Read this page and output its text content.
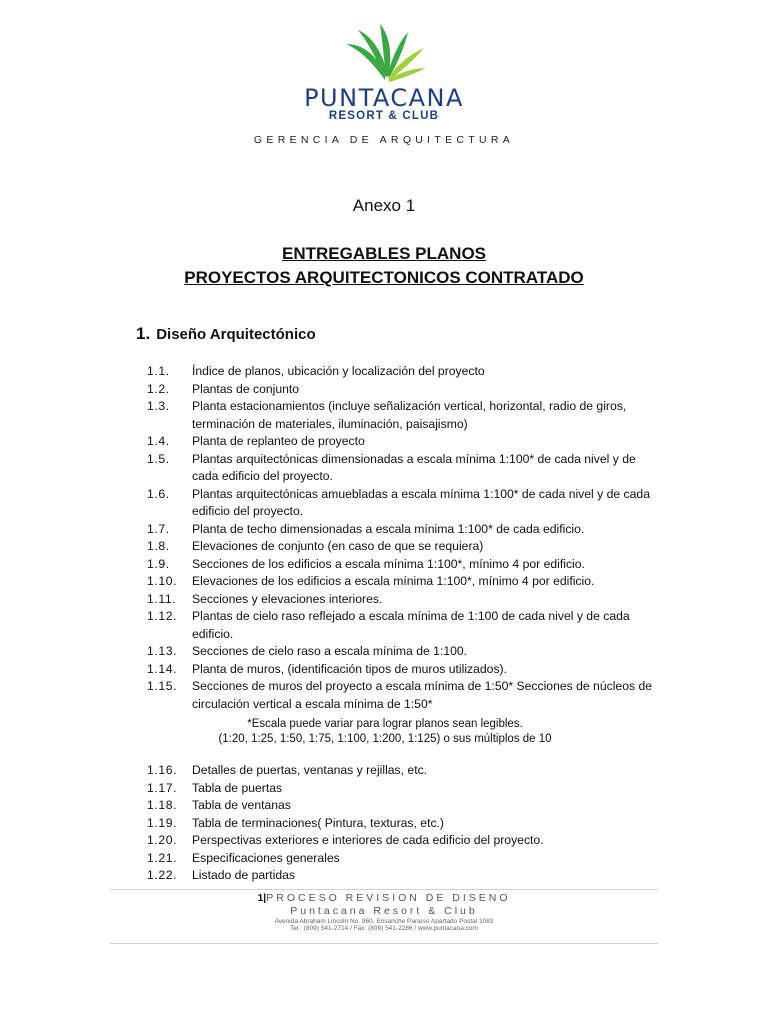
PUNTACANA
RESORT & CLUB
GERENCIA DE ARQUITECTURA
Anexo 1
ENTREGABLES PLANOS
PROYECTOS ARQUITECTONICOS CONTRATADO
1. Diseño Arquitectónico
1.1.	Índice de planos, ubicación y localización del proyecto
1.2.	Plantas de conjunto
1.3.	Planta estacionamientos (incluye señalización vertical, horizontal, radio de giros, terminación de materiales, iluminación, paisajismo)
1.4.	Planta de replanteo de proyecto
1.5.	Plantas arquitectónicas dimensionadas a escala mínima 1:100* de cada nivel y de cada edificio del proyecto.
1.6.	Plantas arquitectónicas amuebladas a escala mínima 1:100* de cada nivel y de cada edificio del proyecto.
1.7.	Planta de techo dimensionadas a escala mínima 1:100* de cada edificio.
1.8.	Elevaciones de conjunto (en caso de que se requiera)
1.9.	Secciones de los edificios a escala mínima 1:100*, mínimo 4 por edificio.
1.10.	Elevaciones de los edificios a escala mínima 1:100*, mínimo 4 por edificio.
1.11.	Secciones y elevaciones interiores.
1.12.	Plantas de cielo raso reflejado a escala mínima de 1:100 de cada nivel y de cada edificio.
1.13.	Secciones de cielo raso a escala mínima de 1:100.
1.14.	Planta de muros, (identificación tipos de muros utilizados).
1.15.	Secciones de muros del proyecto a escala mínima de 1:50* Secciones de núcleos de circulación vertical a escala mínima de 1:50*
*Escala puede variar para lograr planos sean legibles.
(1:20, 1:25, 1:50, 1:75, 1:100, 1:200, 1:125) o sus múltiplos de 10
1.16.	Detalles de puertas, ventanas y rejillas, etc.
1.17.	Tabla de puertas
1.18.	Tabla de ventanas
1.19.	Tabla de terminaciones( Pintura, texturas, etc.)
1.20.	Perspectivas exteriores e interiores de cada edificio del proyecto.
1.21.	Especificaciones generales
1.22.	Listado de partidas
1|PROCESO REVISION DE DISENO
Puntacana Resort & Club
Avenida Abraham Lincoln No. 960, Ensanche Paraíso Apartado Postal 1083
Tel.: (809) 541-2714 / Fax: (809) 541-2286 / www.puntacana.com
